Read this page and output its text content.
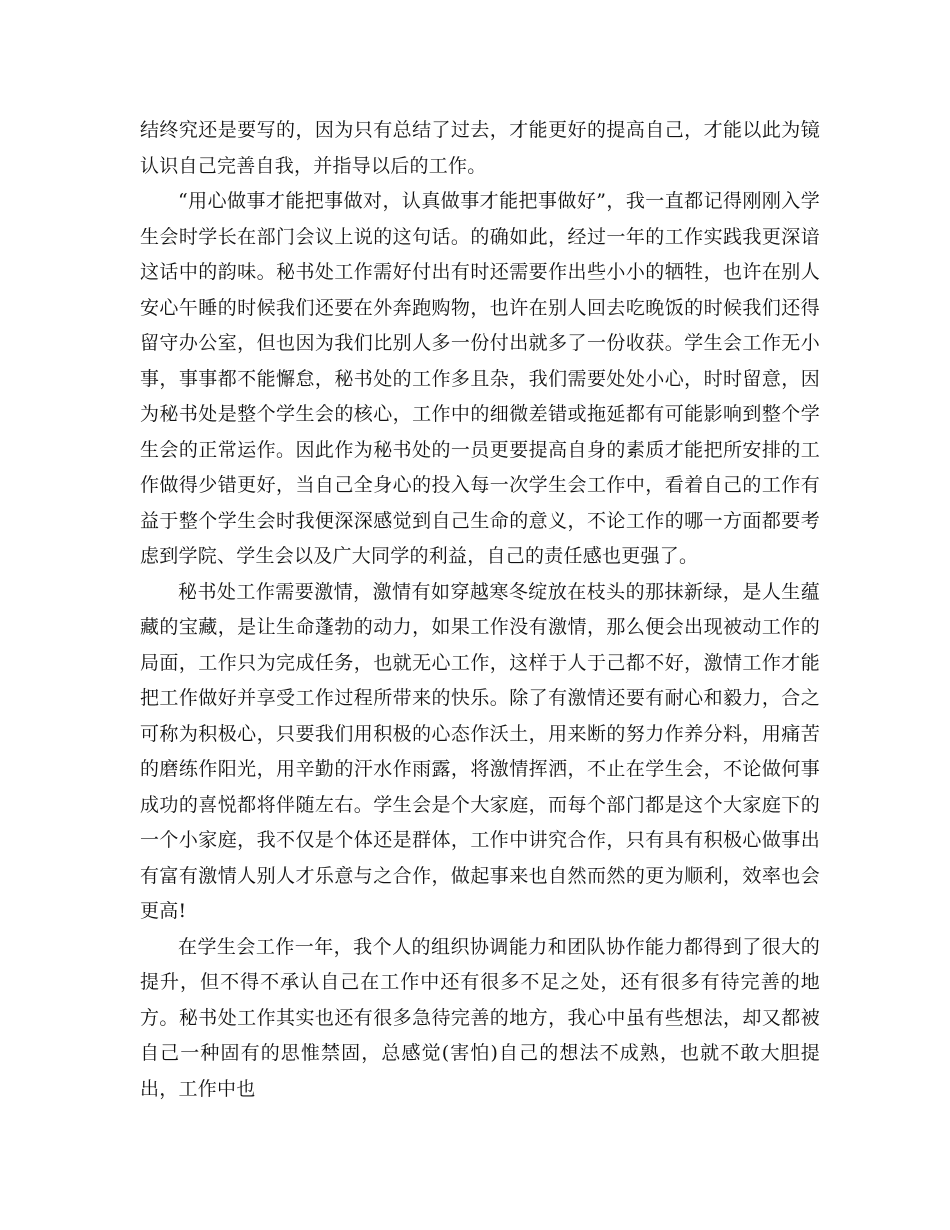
结终究还是要写的，因为只有总结了过去，才能更好的提高自己，才能以此为镜认识自己完善自我，并指导以后的工作。

“用心做事才能把事做对，认真做事才能把事做好”，我一直都记得刚刚入学生会时学长在部门会议上说的这句话。的确如此，经过一年的工作实践我更深谙这话中的韵味。秘书处工作需好付出有时还需要作出些小小的牺牲，也许在别人安心午睡的时候我们还要在外奔跑购物，也许在别人回去吃晚饭的时候我们还得留守办公室，但也因为我们比别人多一份付出就多了一份收获。学生会工作无小事，事事都不能懈怠，秘书处的工作多且杂，我们需要处处小心，时时留意，因为秘书处是整个学生会的核心，工作中的细微差错或拖延都有可能影响到整个学生会的正常运作。因此作为秘书处的一员更要提高自身的素质才能把所安排的工作做得少错更好，当自己全身心的投入每一次学生会工作中，看着自己的工作有益于整个学生会时我便深深感觉到自己生命的意义，不论工作的哪一方面都要考虑到学院、学生会以及广大同学的利益，自己的责任感也更强了。

秘书处工作需要激情，激情有如穿越寒冬绽放在枝头的那抹新绿，是人生蕴藏的宝藏，是让生命蓬勃的动力，如果工作没有激情，那么便会出现被动工作的局面，工作只为完成任务，也就无心工作，这样于人于己都不好，激情工作才能把工作做好并享受工作过程所带来的快乐。除了有激情还要有耐心和毅力，合之可称为积极心，只要我们用积极的心态作沃土，用来断的努力作养分料，用痛苦的磨练作阳光，用辛勤的汗水作雨露，将激情挥洒，不止在学生会，不论做何事成功的喜悦都将伴随左右。学生会是个大家庭，而每个部门都是这个大家庭下的一个小家庭，我不仅是个体还是群体，工作中讲究合作，只有具有积极心做事出有富有激情人别人才乐意与之合作，做起事来也自然而然的更为顺利，效率也会更高!

在学生会工作一年，我个人的组织协调能力和团队协作能力都得到了很大的提升，但不得不承认自己在工作中还有很多不足之处，还有很多有待完善的地方。秘书处工作其实也还有很多急待完善的地方，我心中虽有些想法，却又都被自己一种固有的思惟禁固，总感觉(害怕)自己的想法不成熟，也就不敢大胆提出，工作中也
